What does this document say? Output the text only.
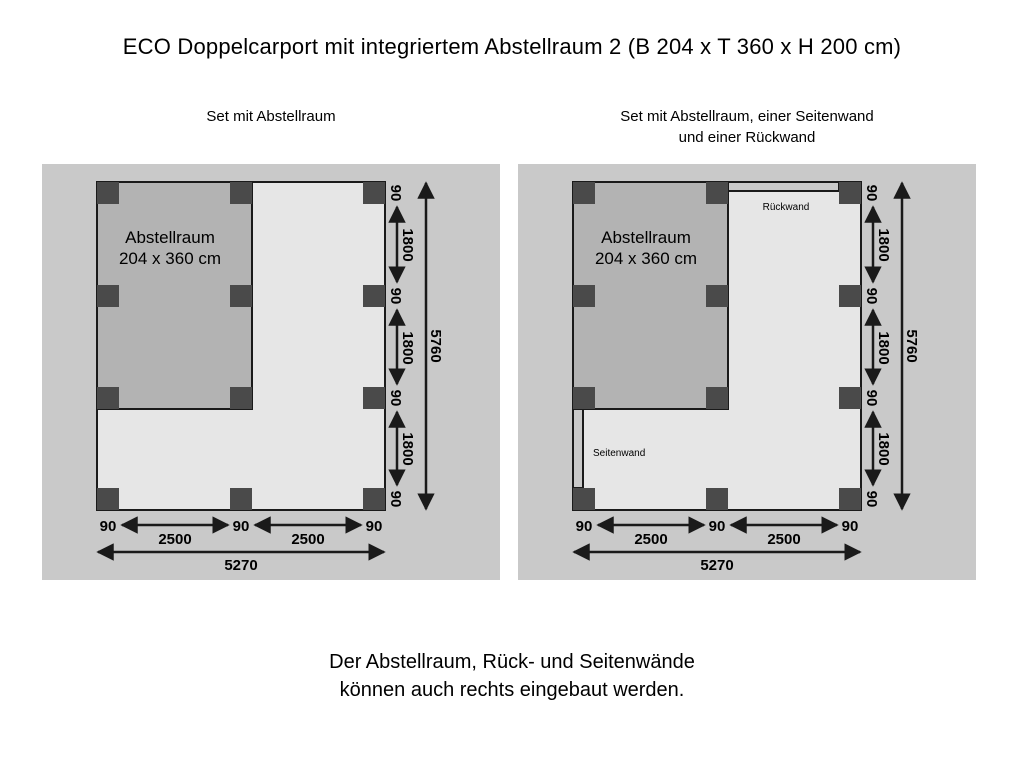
ECO Doppelcarport mit integriertem Abstellraum 2 (B 204 x T 360 x H 200 cm)
Set mit Abstellraum	Set mit Abstellraum, einer Seitenwand
und einer Rückwand
Abstellraum
204 x 360 cm
90	90	90
2500	2500
5270
90
1800
90
1800
90
1800
90
5760
Abstellraum
204 x 360 cm
Rückwand
Seitenwand
90	90	90
2500	2500
5270
90
1800
90
1800
90
1800
90
5760
Der Abstellraum, Rück- und Seitenwände
können auch rechts eingebaut werden.
